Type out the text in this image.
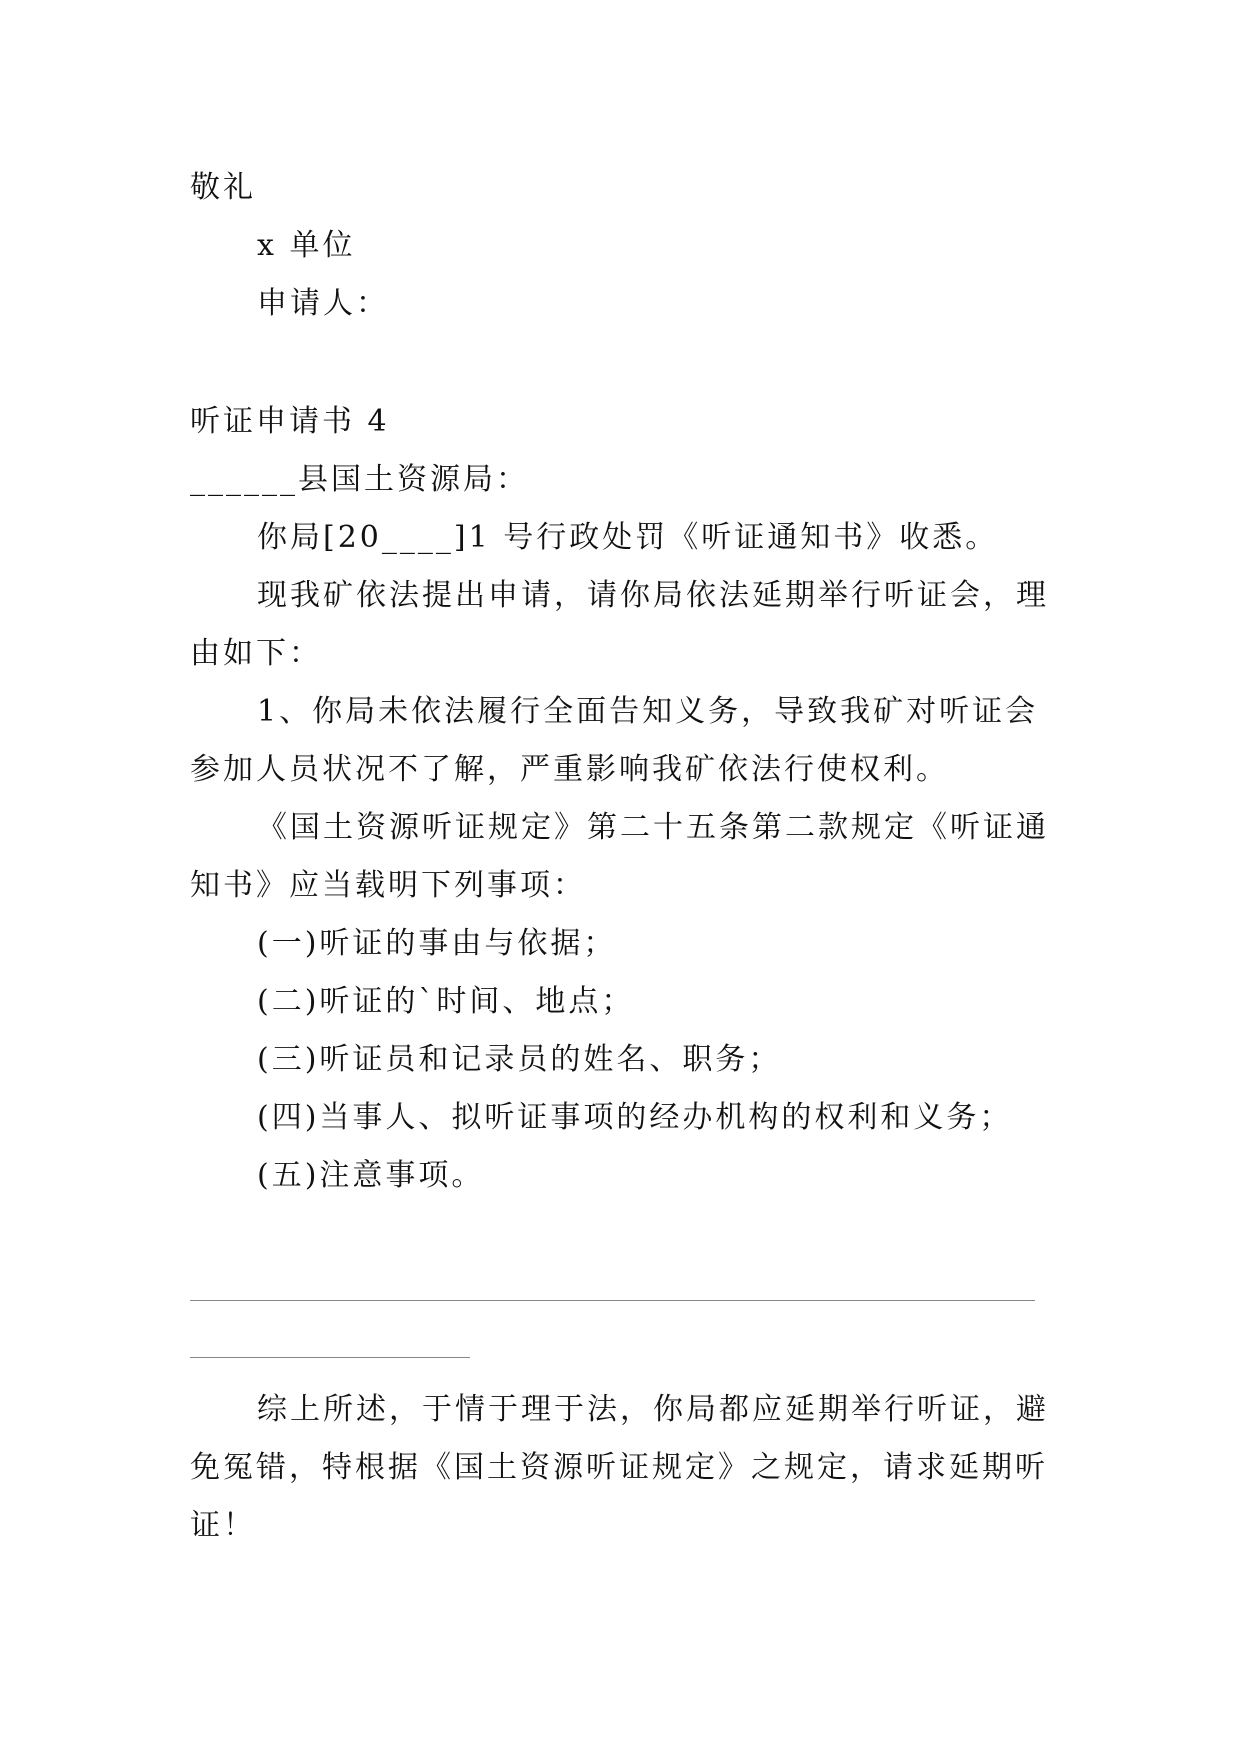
敬礼
x 单位
申请人：
听证申请书 4
______县国土资源局：
你局[20____]1 号行政处罚《听证通知书》收悉。
现我矿依法提出申请，请你局依法延期举行听证会，理
由如下：
1、你局未依法履行全面告知义务，导致我矿对听证会
参加人员状况不了解，严重影响我矿依法行使权利。
《国土资源听证规定》第二十五条第二款规定《听证通
知书》应当载明下列事项：
(一)听证的事由与依据；
(二)听证的`时间、地点；
(三)听证员和记录员的姓名、职务；
(四)当事人、拟听证事项的经办机构的权利和义务；
(五)注意事项。
综上所述，于情于理于法，你局都应延期举行听证，避
免冤错，特根据《国土资源听证规定》之规定，请求延期听
证！
